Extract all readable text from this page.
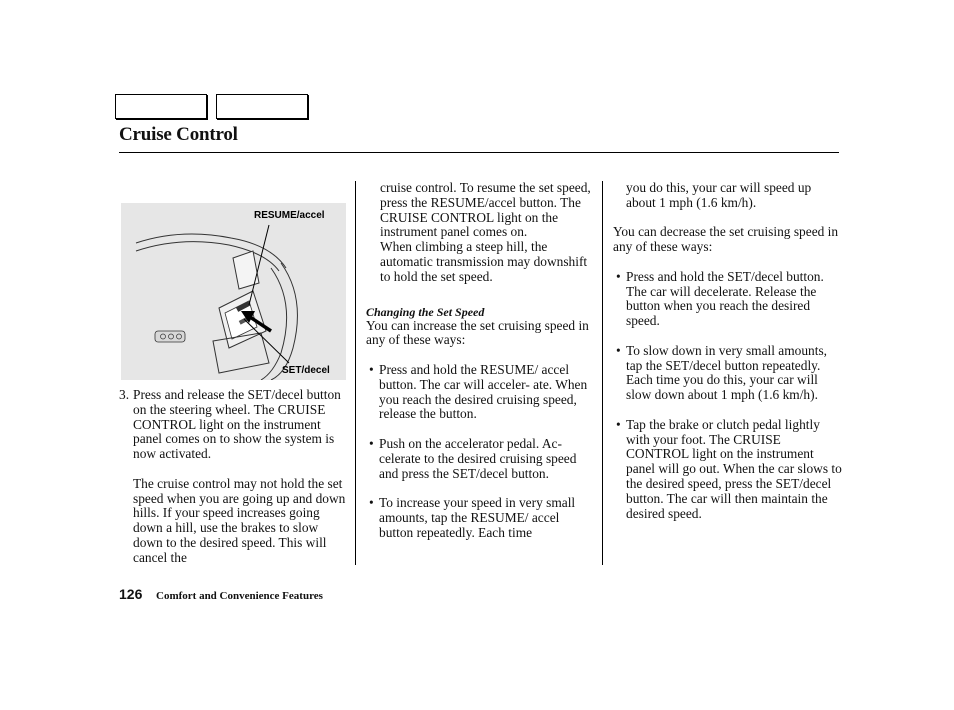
Cruise Control
RESUME/accel
SET/decel
3. Press and release the SET/decel button on the steering wheel. The CRUISE CONTROL light on the instrument panel comes on to show the system is now activated.

The cruise control may not hold the set speed when you are going up and down hills. If your speed increases going down a hill, use the brakes to slow down to the desired speed. This will cancel the

cruise control. To resume the set speed, press the RESUME/accel button. The CRUISE CONTROL light on the instrument panel comes on.

When climbing a steep hill, the automatic transmission may downshift to hold the set speed.

Changing the Set Speed

You can increase the set cruising speed in any of these ways:

• Press and hold the RESUME/ accel button. The car will acceler- ate. When you reach the desired cruising speed, release the button.

• Push on the accelerator pedal. Ac- celerate to the desired cruising speed and press the SET/decel button.

• To increase your speed in very small amounts, tap the RESUME/ accel button repeatedly. Each time

you do this, your car will speed up about 1 mph (1.6 km/h).

You can decrease the set cruising speed in any of these ways:

• Press and hold the SET/decel button. The car will decelerate. Release the button when you reach the desired speed.

• To slow down in very small amounts, tap the SET/decel button repeatedly. Each time you do this, your car will slow down about 1 mph (1.6 km/h).

• Tap the brake or clutch pedal lightly with your foot. The CRUISE CONTROL light on the instrument panel will go out. When the car slows to the desired speed, press the SET/decel button. The car will then maintain the desired speed.

126 Comfort and Convenience Features
